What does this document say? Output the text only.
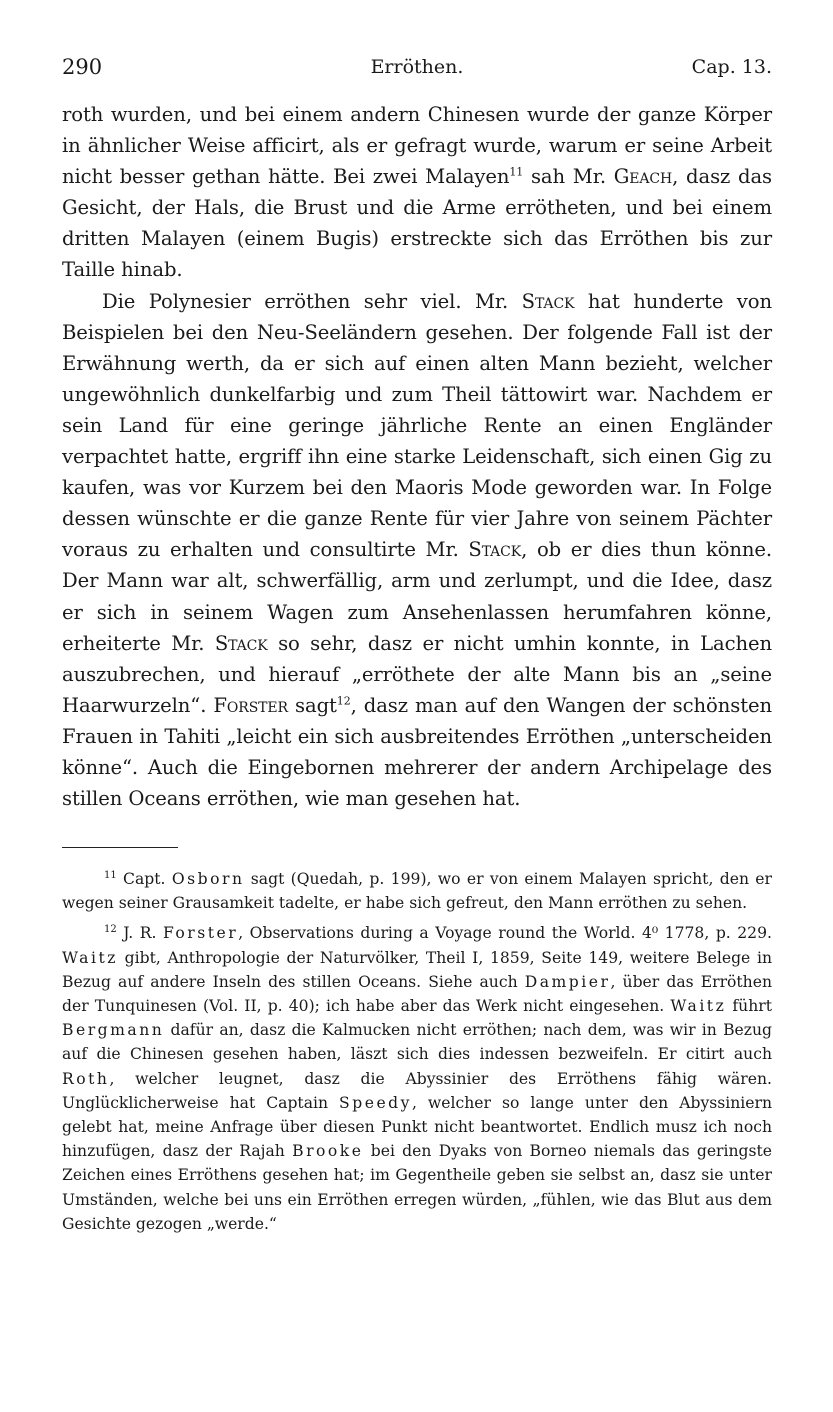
290	Erröthen.	Cap. 13.

roth wurden, und bei einem andern Chinesen wurde der ganze Körper in ähnlicher Weise afficirt, als er gefragt wurde, warum er seine Arbeit nicht besser gethan hätte. Bei zwei Malayen$^{11}$ sah Mr. Geach, dasz das Gesicht, der Hals, die Brust und die Arme errötheten, und bei einem dritten Malayen (einem Bugis) erstreckte sich das Erröthen bis zur Taille hinab.

Die Polynesier erröthen sehr viel. Mr. Stack hat hunderte von Beispielen bei den Neu-Seeländern gesehen. Der folgende Fall ist der Erwähnung werth, da er sich auf einen alten Mann bezieht, welcher ungewöhnlich dunkelfarbig und zum Theil tättowirt war. Nachdem er sein Land für eine geringe jährliche Rente an einen Engländer verpachtet hatte, ergriff ihn eine starke Leidenschaft, sich einen Gig zu kaufen, was vor Kurzem bei den Maoris Mode geworden war. In Folge dessen wünschte er die ganze Rente für vier Jahre von seinem Pächter voraus zu erhalten und consultirte Mr. Stack, ob er dies thun könne. Der Mann war alt, schwerfällig, arm und zerlumpt, und die Idee, dasz er sich in seinem Wagen zum Ansehenlassen herumfahren könne, erheiterte Mr. Stack so sehr, dasz er nicht umhin konnte, in Lachen auszubrechen, und hierauf „erröthete der alte Mann bis an „seine Haarwurzeln“. Forster sagt$^{12}$, dasz man auf den Wangen der schönsten Frauen in Tahiti „leicht ein sich ausbreitendes Erröthen „unterscheiden könne“. Auch die Eingebornen mehrerer der andern Archipelage des stillen Oceans erröthen, wie man gesehen hat.

$^{11}$ Capt. Osborn sagt (Quedah, p. 199), wo er von einem Malayen spricht, den er wegen seiner Grausamkeit tadelte, er habe sich gefreut, den Mann erröthen zu sehen.

$^{12}$ J. R. Forster, Observations during a Voyage round the World. 4⁰ 1778, p. 229. Waitz gibt, Anthropologie der Naturvölker, Theil I, 1859, Seite 149, weitere Belege in Bezug auf andere Inseln des stillen Oceans. Siehe auch Dampier, über das Erröthen der Tunquinesen (Vol. II, p. 40); ich habe aber das Werk nicht eingesehen. Waitz führt Bergmann dafür an, dasz die Kalmucken nicht erröthen; nach dem, was wir in Bezug auf die Chinesen gesehen haben, läszt sich dies indessen bezweifeln. Er citirt auch Roth, welcher leugnet, dasz die Abyssinier des Erröthens fähig wären. Unglücklicherweise hat Captain Speedy, welcher so lange unter den Abyssiniern gelebt hat, meine Anfrage über diesen Punkt nicht beantwortet. Endlich musz ich noch hinzufügen, dasz der Rajah Brooke bei den Dyaks von Borneo niemals das geringste Zeichen eines Erröthens gesehen hat; im Gegentheile geben sie selbst an, dasz sie unter Umständen, welche bei uns ein Erröthen erregen würden, „fühlen, wie das Blut aus dem Gesichte gezogen „werde.“
